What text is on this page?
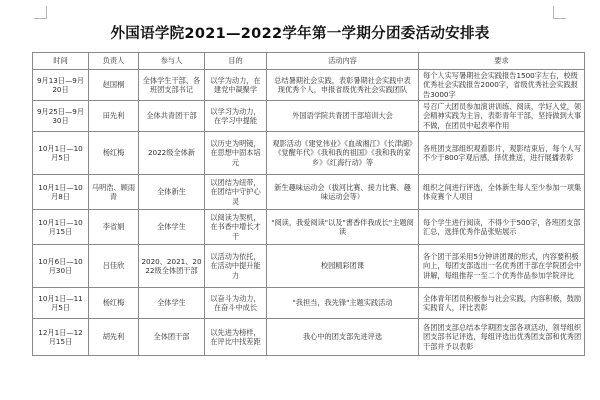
外国语学院2021—2022学年第一学期分团委活动安排表
时间	负责人	参与人	目的	活动内容	要求
9月13日—9月20日	赵国桐	全体学生干部、各班团支部书记	以学为动力，在建党中凝聚学	总结暑期社会实践，表彰暑期社会实践中表现优秀个人，申报省级优秀社会实践团队	每个人实写暑期社会实践报告1500字左右，校级优秀社会实践报告2000字，省级优秀社会实践报告3000字
9月25日—9月30日	田先利	全体共青团干部	以学习为动力，在学习中提能	外国语学院共青团干部培训大会	号召广大团员参加演讲训练、阅读，学好入党，领会精神实践为主旨，表彰青年干部，坚持做到大事不做，在团员中起表率作用
10月1日—10月5日	杨红梅	2022级全体新	以历史为明镜，在思想中固本培元	观影活动《建党伟业》《血战湘江》《长津湖》《觉醒年代》《我和我的祖国》《我和我的家乡》《红海行动》等	各班团支部组织观看影片，观影结束后，每个人写不少于800字观后感，择优推送，进行展播表彰
10月1日—10月8日	马明浩、顾雨青	全体新生	以团结为纽带，在团结中守护心灵	新生趣味运动会（拔河比赛、接力比赛、趣味运动会等）	组织之间进行评选，全体新生每人至少参加一项集体竞赛个人项目
10月1日—10月15日	李省娟	全体学生	以阅读为契机，在书香中增长才干	"阅读，我爱阅读"以及"書香伴我成长"主题阅读	每个学生进行阅读，不得少于500字，各班团支部汇总，选择优秀作品张贴展示
10月6日—10月30日	吕佳欣	2020、2021、2022级全体团干部	以活动为依托，在活动中提升能力	校园精彩团课	各个团干部采用5分钟讲团课的形式，内容要积极向上，每团支部选出一名优秀团干部在学院团会中讲解，每组推荐一至二个优秀作品参加学院评比
10月1日—11月5日	杨红梅	全体学生	以奋斗为动力，在奋斗中成长	"我担当，我先锋"主题实践活动	全体青年团员积极参与社会实践，内容积极，鼓励实践育人，评比表彰
12月1日—12月15日	胡先利	全体团干部	以先进为榜样，在评比中找差距	我心中的团支部先进评选	各团团支部总结本学期团支部各项活动，领导组织团支部书记评选，每组评选出优秀团支部和优秀团干部并予以表彰
